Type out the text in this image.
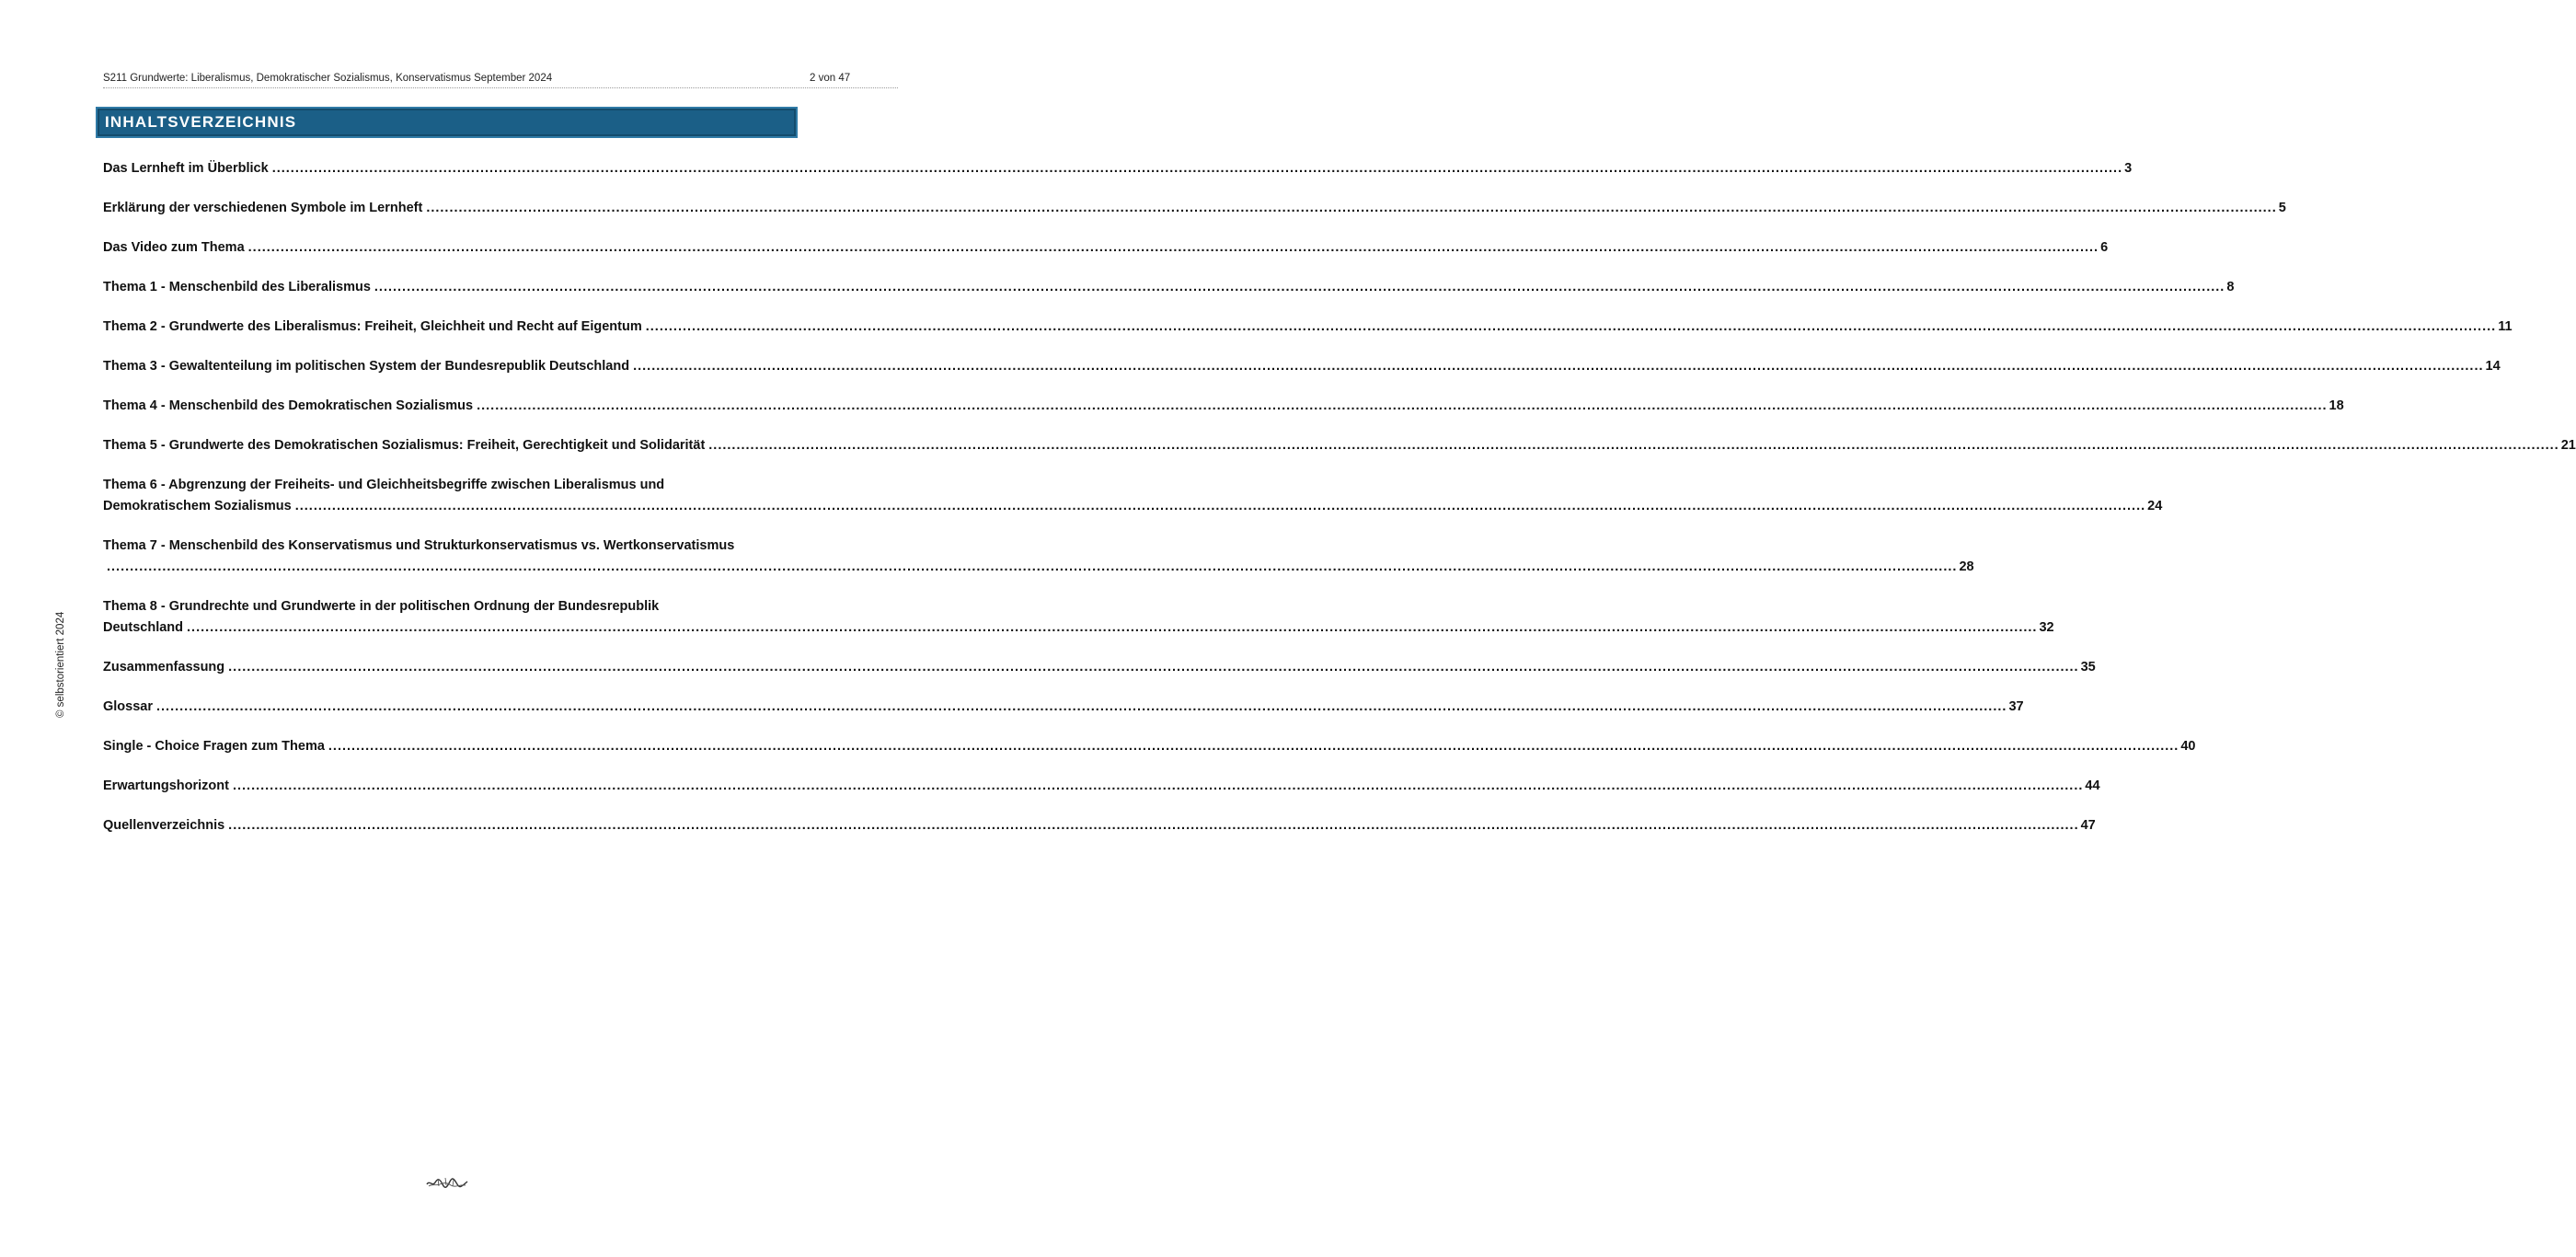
S211 Grundwerte: Liberalismus, Demokratischer Sozialismus, Konservatismus September 2024	2 von 47
INHALTSVERZEICHNIS
Das Lernheft im Überblick ................................................................................................................................................................................................................................................................................................................................................................................................................ 3
Erklärung der verschiedenen Symbole im Lernheft ................................................................................................................................................................................................................................................................................................................................................................................................................ 5
Das Video zum Thema ................................................................................................................................................................................................................................................................................................................................................................................................................ 6
Thema 1 - Menschenbild des Liberalismus ................................................................................................................................................................................................................................................................................................................................................................................................................ 8
Thema 2 - Grundwerte des Liberalismus: Freiheit, Gleichheit und Recht auf Eigentum ................................................................................................................................................................................................................................................................................................................................................................................................................ 11
Thema 3 - Gewaltenteilung im politischen System der Bundesrepublik Deutschland ................................................................................................................................................................................................................................................................................................................................................................................................................ 14
Thema 4 - Menschenbild des Demokratischen Sozialismus ................................................................................................................................................................................................................................................................................................................................................................................................................ 18
Thema 5 - Grundwerte des Demokratischen Sozialismus: Freiheit, Gerechtigkeit und Solidarität ................................................................................................................................................................................................................................................................................................................................................................................................................ 21
Thema 6 - Abgrenzung der Freiheits- und Gleichheitsbegriffe zwischen Liberalismus und
Demokratischem Sozialismus ................................................................................................................................................................................................................................................................................................................................................................................................................ 24
Thema 7 - Menschenbild des Konservatismus und Strukturkonservatismus vs. Wertkonservatismus
................................................................................................................................................................................................................................................................................................................................................................................................................ 28
Thema 8 - Grundrechte und Grundwerte in der politischen Ordnung der Bundesrepublik
Deutschland ................................................................................................................................................................................................................................................................................................................................................................................................................ 32
Zusammenfassung ................................................................................................................................................................................................................................................................................................................................................................................................................ 35
Glossar ................................................................................................................................................................................................................................................................................................................................................................................................................ 37
Single - Choice Fragen zum Thema ................................................................................................................................................................................................................................................................................................................................................................................................................ 40
Erwartungshorizont ................................................................................................................................................................................................................................................................................................................................................................................................................ 44
Quellenverzeichnis ................................................................................................................................................................................................................................................................................................................................................................................................................ 47
© selbstorientiert 2024
